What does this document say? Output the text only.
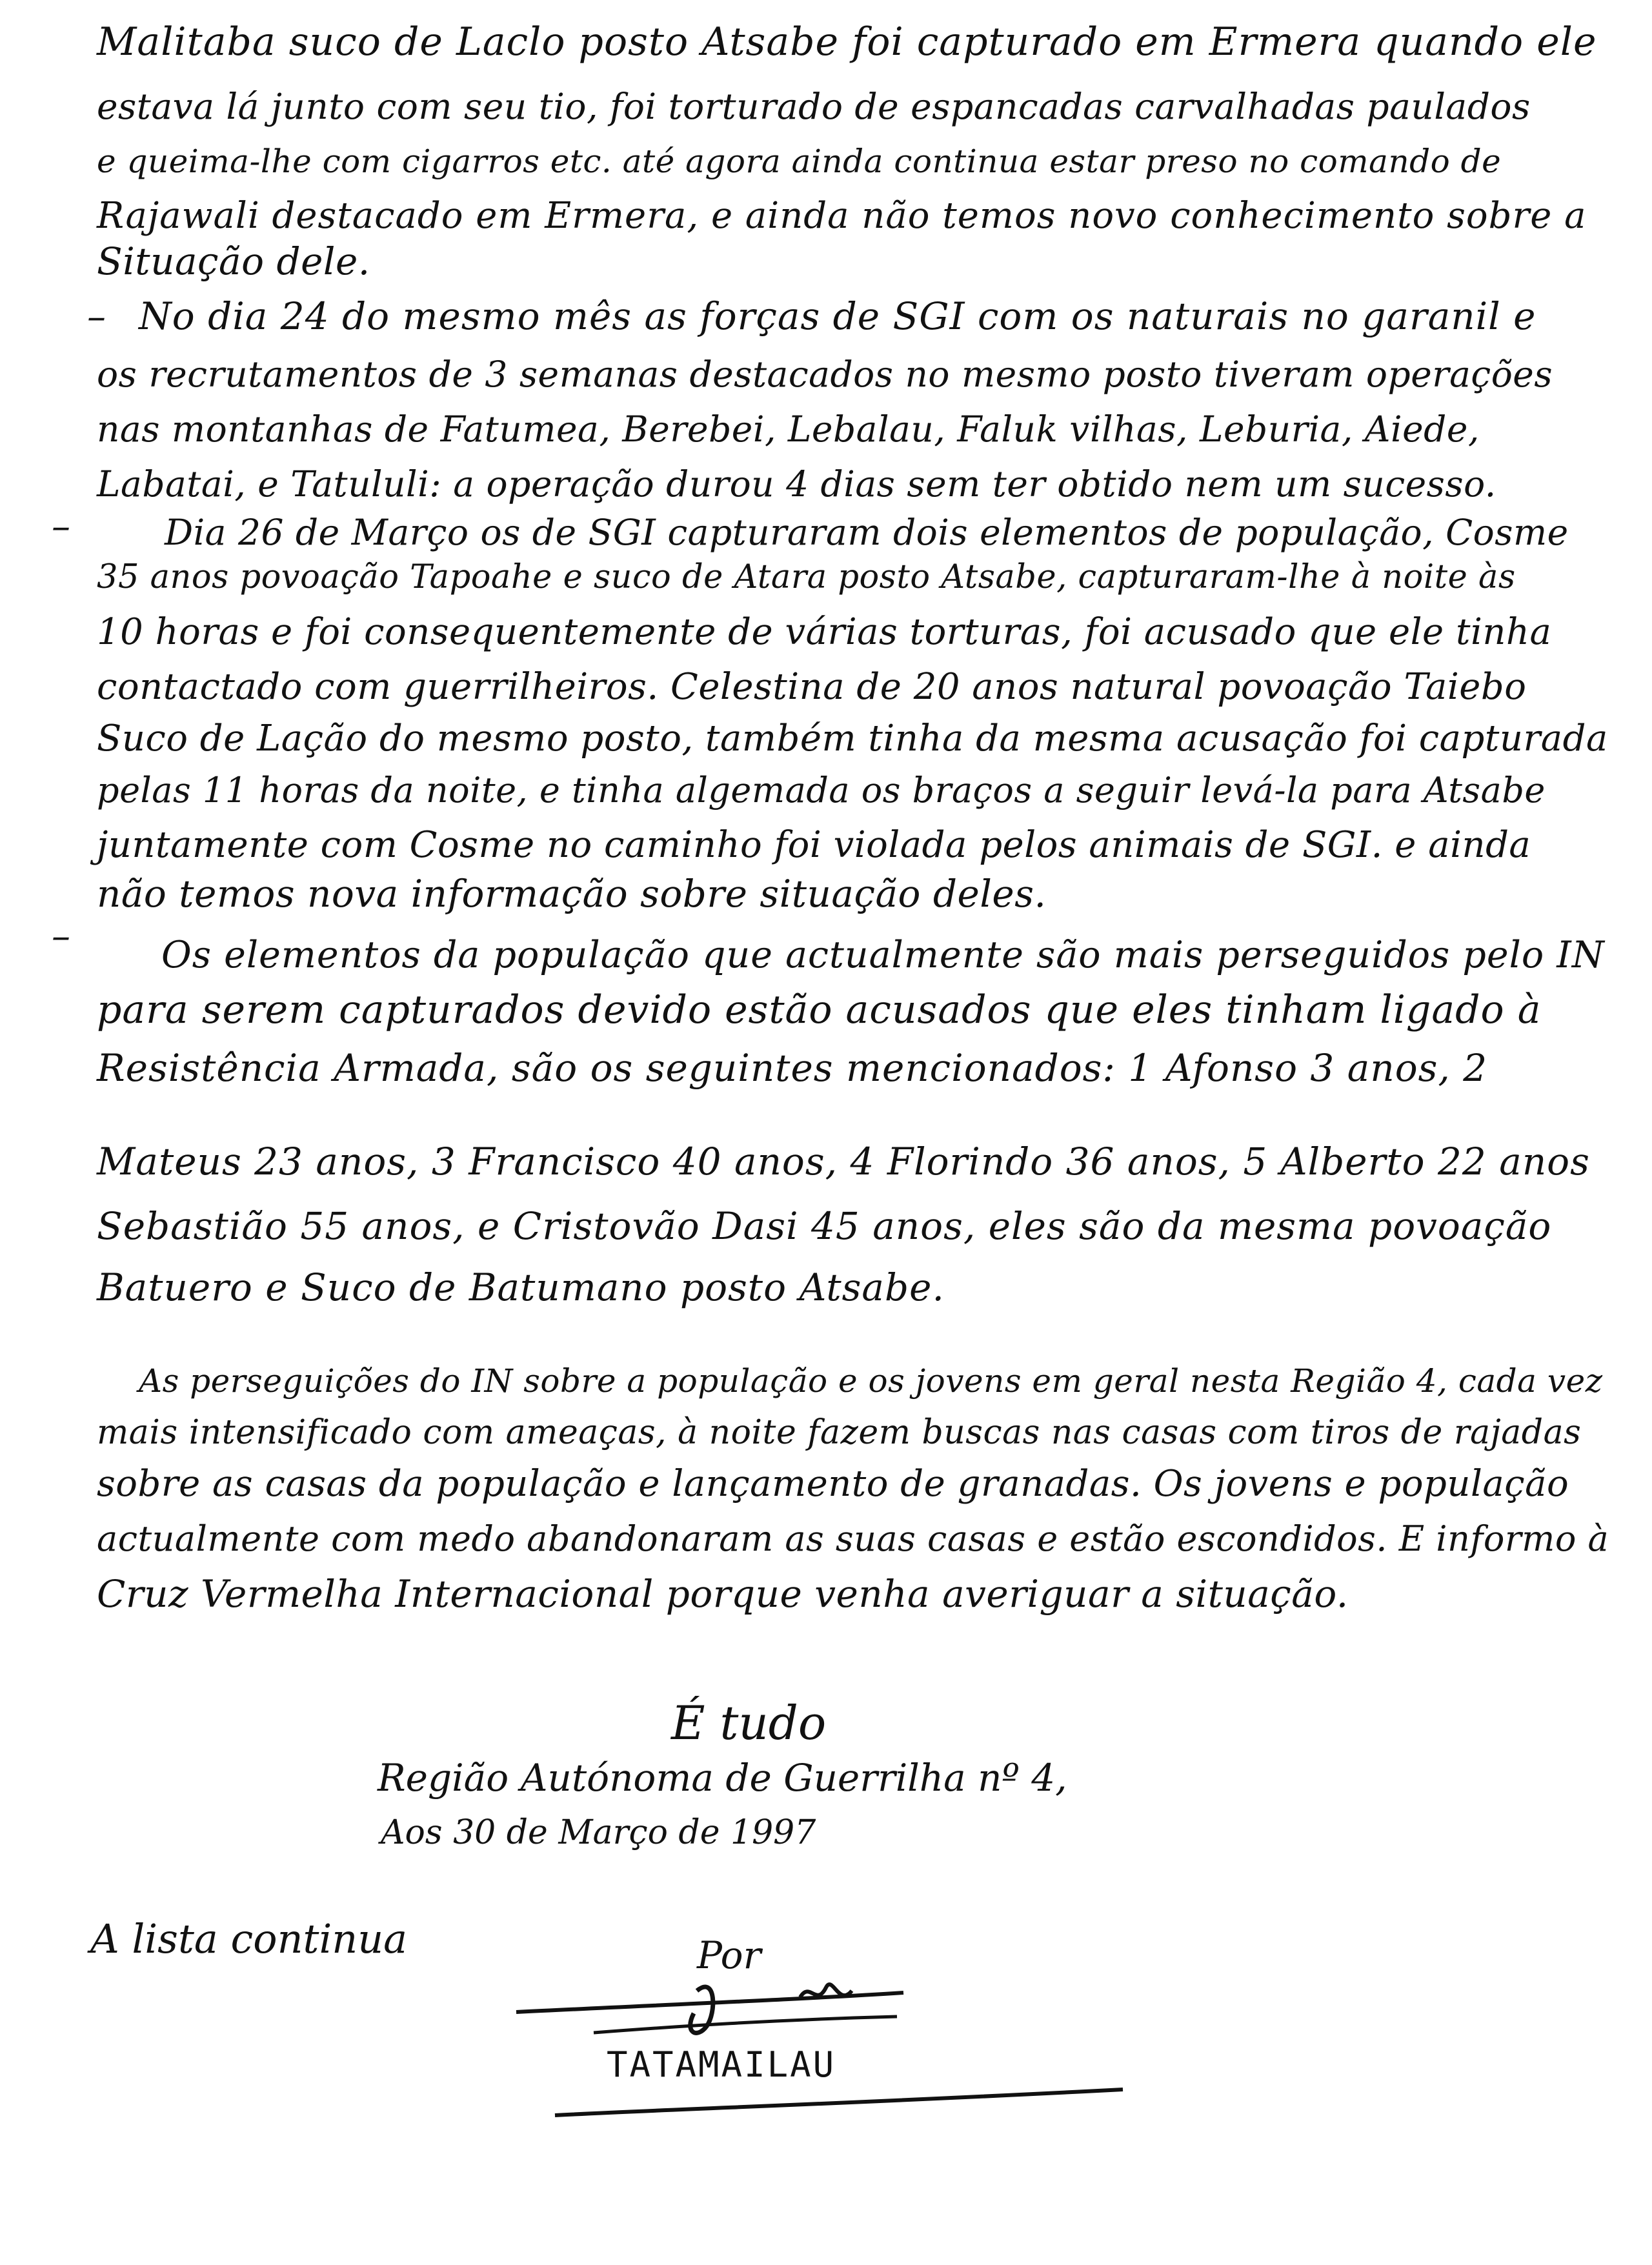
Malitaba suco de Laclo posto Atsabe foi capturado em Ermera quando ele
estava lá junto com seu tio, foi torturado de espancadas carvalhadas paulados
e queima-lhe com cigarros etc. até agora ainda continua estar preso no comando de
Rajawali destacado em Ermera, e ainda não temos novo conhecimento sobre a
Situação dele.
– No dia 24 do mesmo mês as forças de SGI com os naturais no garanil e
os recrutamentos de 3 semanas destacados no mesmo posto tiveram operações
nas montanhas de Fatumea, Berebei, Lebalau, Faluk vilhas, Leburia, Aiede,
Labatai, e Tatululi: a operação durou 4 dias sem ter obtido nem um sucesso.
–	Dia 26 de Março os de SGI capturaram dois elementos de população, Cosme
35 anos povoação Tapoahe e suco de Atara posto Atsabe, capturaram-lhe à noite às
10 horas e foi consequentemente de várias torturas, foi acusado que ele tinha
contactado com guerrilheiros. Celestina de 20 anos natural povoação Taiebo
Suco de Lação do mesmo posto, também tinha da mesma acusação foi capturada
pelas 11 horas da noite, e tinha algemada os braços a seguir levá-la para Atsabe
juntamente com Cosme no caminho foi violada pelos animais de SGI. e ainda
não temos nova informação sobre situação deles.
– Os elementos da população que actualmente são mais perseguidos pelo IN
para serem capturados devido estão acusados que eles tinham ligado à
Resistência Armada, são os seguintes mencionados: 1 Afonso 3 anos, 2
Mateus 23 anos, 3 Francisco 40 anos, 4 Florindo 36 anos, 5 Alberto 22 anos
Sebastião 55 anos, e Cristovão Dasi 45 anos, eles são da mesma povoação
Batuero e Suco de Batumano posto Atsabe.
As perseguições do IN sobre a população e os jovens em geral nesta Região 4, cada vez
mais intensificado com ameaças, à noite fazem buscas nas casas com tiros de rajadas
sobre as casas da população e lançamento de granadas. Os jovens e população
actualmente com medo abandonaram as suas casas e estão escondidos. E informo à
Cruz Vermelha Internacional porque venha averiguar a situação.
É tudo
Região Autónoma de Guerrilha nº 4,
Aos 30 de Março de 1997
A lista continua	Por
TATAMAILAU
